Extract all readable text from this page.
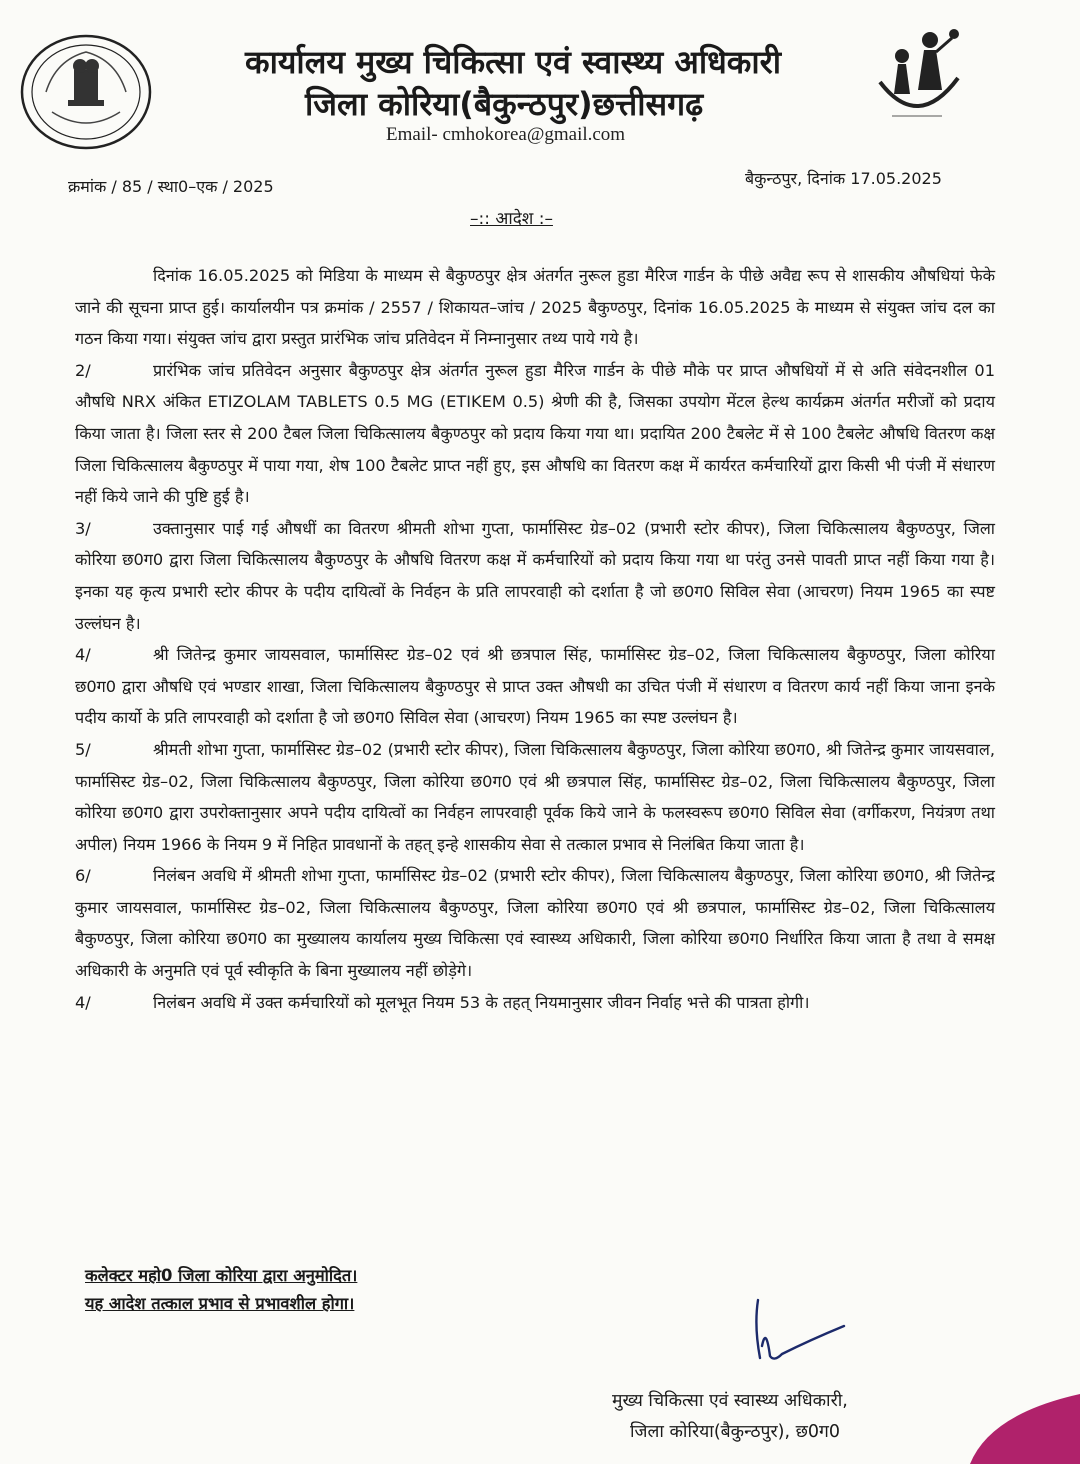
कार्यालय मुख्य चिकित्सा एवं स्वास्थ्य अधिकारी
जिला कोरिया(बैकुन्ठपुर)छत्तीसगढ़
Email- cmhokorea@gmail.com
क्रमांक / 85 / स्था0–एक / 2025	बैकुन्ठपुर, दिनांक 17.05.2025
–:: आदेश :–

दिनांक 16.05.2025 को मिडिया के माध्यम से बैकुण्ठपुर क्षेत्र अंतर्गत नुरूल हुडा मैरिज गार्डन के पीछे अवैद्य रूप से शासकीय औषधियां फेके जाने की सूचना प्राप्त हुई। कार्यालयीन पत्र क्रमांक / 2557 / शिकायत–जांच / 2025 बैकुण्ठपुर, दिनांक 16.05.2025 के माध्यम से संयुक्त जांच दल का गठन किया गया। संयुक्त जांच द्वारा प्रस्तुत प्रारंभिक जांच प्रतिवेदन में निम्नानुसार तथ्य पाये गये है।

2/	प्रारंभिक जांच प्रतिवेदन अनुसार बैकुण्ठपुर क्षेत्र अंतर्गत नुरूल हुडा मैरिज गार्डन के पीछे मौके पर प्राप्त औषधियों में से अति संवेदनशील 01 औषधि NRX अंकित ETIZOLAM TABLETS 0.5 MG (ETIKEM 0.5) श्रेणी की है, जिसका उपयोग मेंटल हेल्थ कार्यक्रम अंतर्गत मरीजों को प्रदाय किया जाता है। जिला स्तर से 200 टैबल जिला चिकित्सालय बैकुण्ठपुर को प्रदाय किया गया था। प्रदायित 200 टैबलेट में से 100 टैबलेट औषधि वितरण कक्ष जिला चिकित्सालय बैकुण्ठपुर में पाया गया, शेष 100 टैबलेट प्राप्त नहीं हुए, इस औषधि का वितरण कक्ष में कार्यरत कर्मचारियों द्वारा किसी भी पंजी में संधारण नहीं किये जाने की पुष्टि हुई है।

3/	उक्तानुसार पाई गई औषधीं का वितरण श्रीमती शोभा गुप्ता, फार्मासिस्ट ग्रेड–02 (प्रभारी स्टोर कीपर), जिला चिकित्सालय बैकुण्ठपुर, जिला कोरिया छ0ग0 द्वारा जिला चिकित्सालय बैकुण्ठपुर के औषधि वितरण कक्ष में कर्मचारियों को प्रदाय किया गया था परंतु उनसे पावती प्राप्त नहीं किया गया है। इनका यह कृत्य प्रभारी स्टोर कीपर के पदीय दायित्वों के निर्वहन के प्रति लापरवाही को दर्शाता है जो छ0ग0 सिविल सेवा (आचरण) नियम 1965 का स्पष्ट उल्लंघन है।

4/	श्री जितेन्द्र कुमार जायसवाल, फार्मासिस्ट ग्रेड–02 एवं श्री छत्रपाल सिंह, फार्मासिस्ट ग्रेड–02, जिला चिकित्सालय बैकुण्ठपुर, जिला कोरिया छ0ग0 द्वारा औषधि एवं भण्डार शाखा, जिला चिकित्सालय बैकुण्ठपुर से प्राप्त उक्त औषधी का उचित पंजी में संधारण व वितरण कार्य नहीं किया जाना इनके पदीय कार्यो के प्रति लापरवाही को दर्शाता है जो छ0ग0 सिविल सेवा (आचरण) नियम 1965 का स्पष्ट उल्लंघन है।

5/	श्रीमती शोभा गुप्ता, फार्मासिस्ट ग्रेड–02 (प्रभारी स्टोर कीपर), जिला चिकित्सालय बैकुण्ठपुर, जिला कोरिया छ0ग0, श्री जितेन्द्र कुमार जायसवाल, फार्मासिस्ट ग्रेड–02, जिला चिकित्सालय बैकुण्ठपुर, जिला कोरिया छ0ग0 एवं श्री छत्रपाल सिंह, फार्मासिस्ट ग्रेड–02, जिला चिकित्सालय बैकुण्ठपुर, जिला कोरिया छ0ग0 द्वारा उपरोक्तानुसार अपने पदीय दायित्वों का निर्वहन लापरवाही पूर्वक किये जाने के फलस्वरूप छ0ग0 सिविल सेवा (वर्गीकरण, नियंत्रण तथा अपील) नियम 1966 के नियम 9 में निहित प्रावधानों के तहत् इन्हे शासकीय सेवा से तत्काल प्रभाव से निलंबित किया जाता है।

6/	निलंबन अवधि में श्रीमती शोभा गुप्ता, फार्मासिस्ट ग्रेड–02 (प्रभारी स्टोर कीपर), जिला चिकित्सालय बैकुण्ठपुर, जिला कोरिया छ0ग0, श्री जितेन्द्र कुमार जायसवाल, फार्मासिस्ट ग्रेड–02, जिला चिकित्सालय बैकुण्ठपुर, जिला कोरिया छ0ग0 एवं श्री छत्रपाल, फार्मासिस्ट ग्रेड–02, जिला चिकित्सालय बैकुण्ठपुर, जिला कोरिया छ0ग0 का मुख्यालय कार्यालय मुख्य चिकित्सा एवं स्वास्थ्य अधिकारी, जिला कोरिया छ0ग0 निर्धारित किया जाता है तथा वे समक्ष अधिकारी के अनुमति एवं पूर्व स्वीकृति के बिना मुख्यालय नहीं छोड़ेगे।

4/	निलंबन अवधि में उक्त कर्मचारियों को मूलभूत नियम 53 के तहत् नियमानुसार जीवन निर्वाह भत्ते की पात्रता होगी।

कलेक्टर महो0 जिला कोरिया द्वारा अनुमोदित।
यह आदेश तत्काल प्रभाव से प्रभावशील होगा।
मुख्य चिकित्सा एवं स्वास्थ्य अधिकारी,
जिला कोरिया(बैकुन्ठपुर), छ0ग0
